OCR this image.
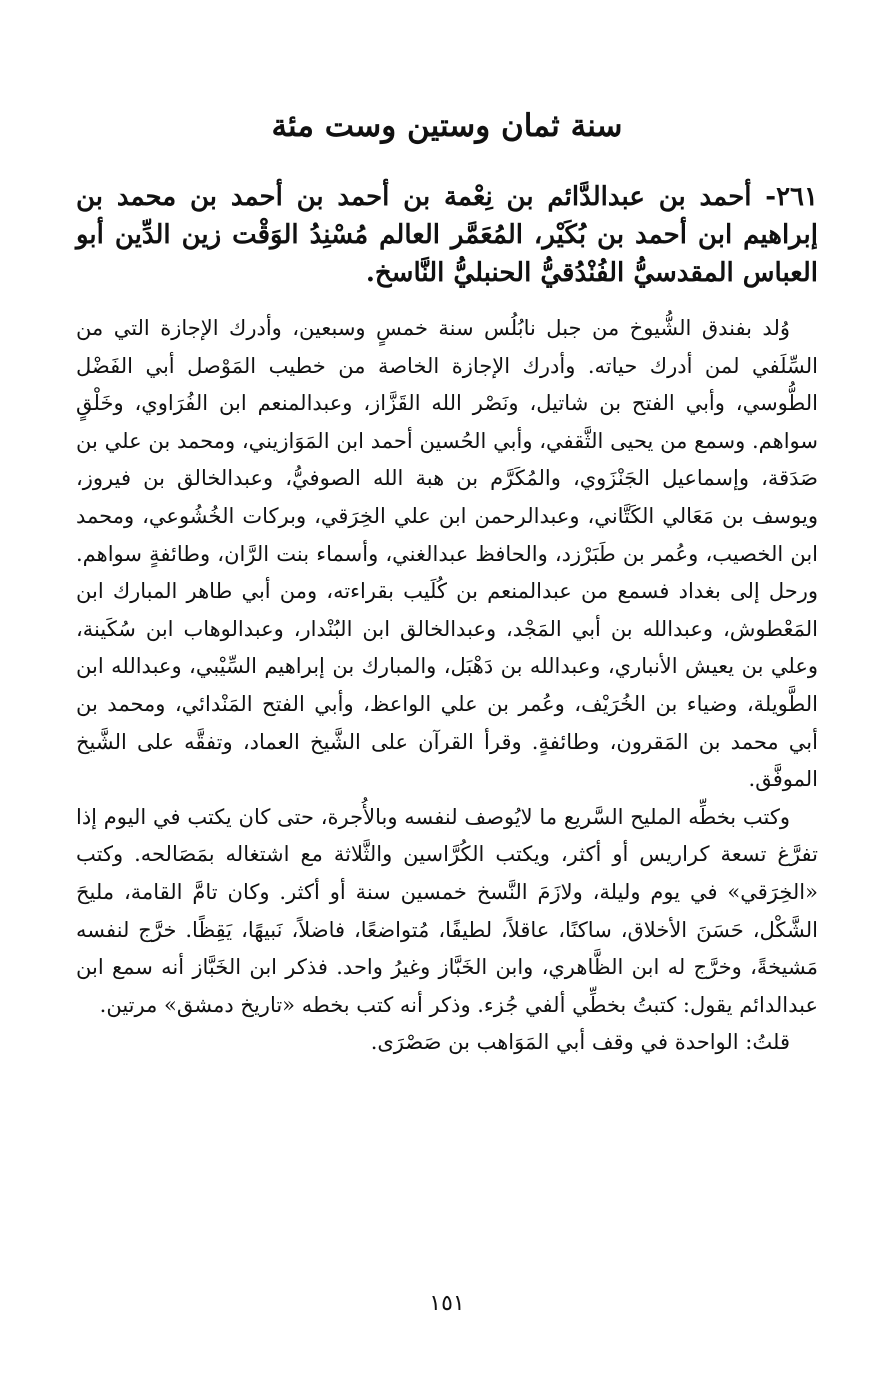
سنة ثمان وستين وست مئة
٢٦١- أحمد بن عبدالدَّائم بن نِعْمة بن أحمد بن أحمد بن محمد بن إبراهيم ابن أحمد بن بُكَيْر، المُعَمَّر العالم مُسْنِدُ الوَقْت زين الدِّين أبو العباس المقدسيُّ الفُنْدُقيُّ الحنبليُّ النَّاسخ.

وُلد بفندق الشُّيوخ من جبل نابُلُس سنة خمسٍ وسبعين، وأدرك الإجازة التي من السِّلَفي لمن أدرك حياته. وأدرك الإجازة الخاصة من خطيب المَوْصل أبي الفَضْل الطُّوسي، وأبي الفتح بن شاتيل، ونَصْر الله القَزَّاز، وعبدالمنعم ابن الفُرَاوي، وخَلْقٍ سواهم. وسمع من يحيى الثَّقفي، وأبي الحُسين أحمد ابن المَوَازيني، ومحمد بن علي بن صَدَقة، وإسماعيل الجَنْزَوي، والمُكَرَّم بن هبة الله الصوفيُّ، وعبدالخالق بن فيروز، ويوسف بن مَعَالي الكَتَّاني، وعبدالرحمن ابن علي الخِرَقي، وبركات الخُشُوعي، ومحمد ابن الخصيب، وعُمر بن طَبَرْزد، والحافظ عبدالغني، وأسماء بنت الرَّان، وطائفةٍ سواهم. ورحل إلى بغداد فسمع من عبدالمنعم بن كُلَيب بقراءته، ومن أبي طاهر المبارك ابن المَعْطوش، وعبدالله بن أبي المَجْد، وعبدالخالق ابن البُنْدار، وعبدالوهاب ابن سُكَينة، وعلي بن يعيش الأنباري، وعبدالله بن دَهْبَل، والمبارك بن إبراهيم السِّيْبي، وعبدالله ابن الطَّويلة، وضياء بن الخُرَيْف، وعُمر بن علي الواعظ، وأبي الفتح المَنْدائي، ومحمد بن أبي محمد بن المَقرون، وطائفةٍ. وقرأ القرآن على الشَّيخ العماد، وتفقَّه على الشَّيخ الموفَّق.

وكتب بخطِّه المليح السَّريع ما لايُوصف لنفسه وبالأُجرة، حتى كان يكتب في اليوم إذا تفرَّغ تسعة كراريس أو أكثر، ويكتب الكُرَّاسين والثَّلاثة مع اشتغاله بمَصَالحه. وكتب «الخِرَقي» في يوم وليلة، ولازَمَ النَّسخ خمسين سنة أو أكثر. وكان تامَّ القامة، مليحَ الشَّكْل، حَسَنَ الأخلاق، ساكنًا، عاقلاً، لطيفًا، مُتواضعًا، فاضلاً، نَبيهًا، يَقِظًا. خرَّج لنفسه مَشيخةً، وخرَّج له ابن الظَّاهري، وابن الخَبَّاز وغيرُ واحد. فذكر ابن الخَبَّاز أنه سمع ابن عبدالدائم يقول: كتبتُ بخطِّي ألفي جُزء. وذكر أنه كتب بخطه «تاريخ دمشق» مرتين.

قلتُ: الواحدة في وقف أبي المَوَاهب بن صَصْرَى.

١٥١
